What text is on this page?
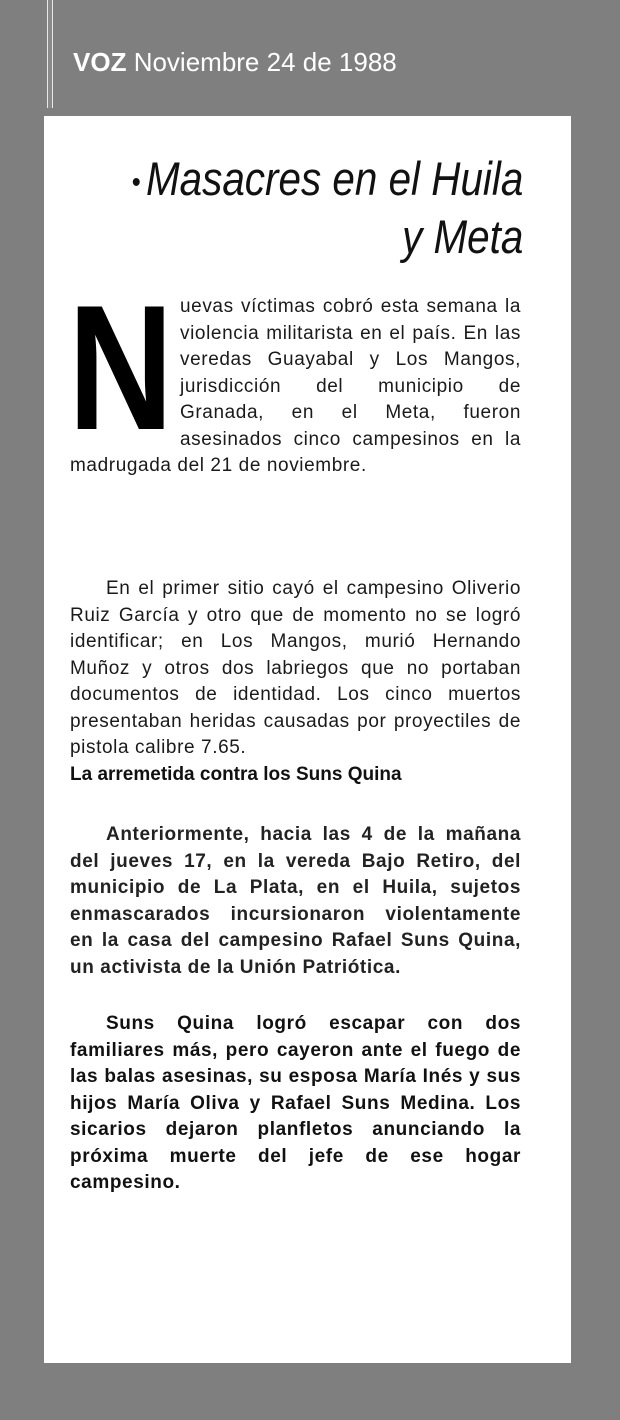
VOZ Noviembre 24 de 1988
• Masacres en el Huila
y Meta

Nuevas víctimas cobró esta semana la violencia militarista en el país. En las veredas Guayabal y Los Mangos, jurisdicción del municipio de Granada, en el Meta, fueron asesinados cinco campesinos en la madrugada del 21 de noviembre.

En el primer sitio cayó el campesino Oliverio Ruiz García y otro que de momento no se logró identificar; en Los Mangos, murió Hernando Muñoz y otros dos labriegos que no portaban documentos de identidad. Los cinco muertos presentaban heridas causadas por proyectiles de pistola calibre 7.65.

La arremetida contra los Suns Quina

Anteriormente, hacia las 4 de la mañana del jueves 17, en la vereda Bajo Retiro, del municipio de La Plata, en el Huila, sujetos enmascarados incursionaron violentamente en la casa del campesino Rafael Suns Quina, un activista de la Unión Patriótica.

Suns Quina logró escapar con dos familiares más, pero cayeron ante el fuego de las balas asesinas, su esposa María Inés y sus hijos María Oliva y Rafael Suns Medina. Los sicarios dejaron planfletos anunciando la próxima muerte del jefe de ese hogar campesino.
